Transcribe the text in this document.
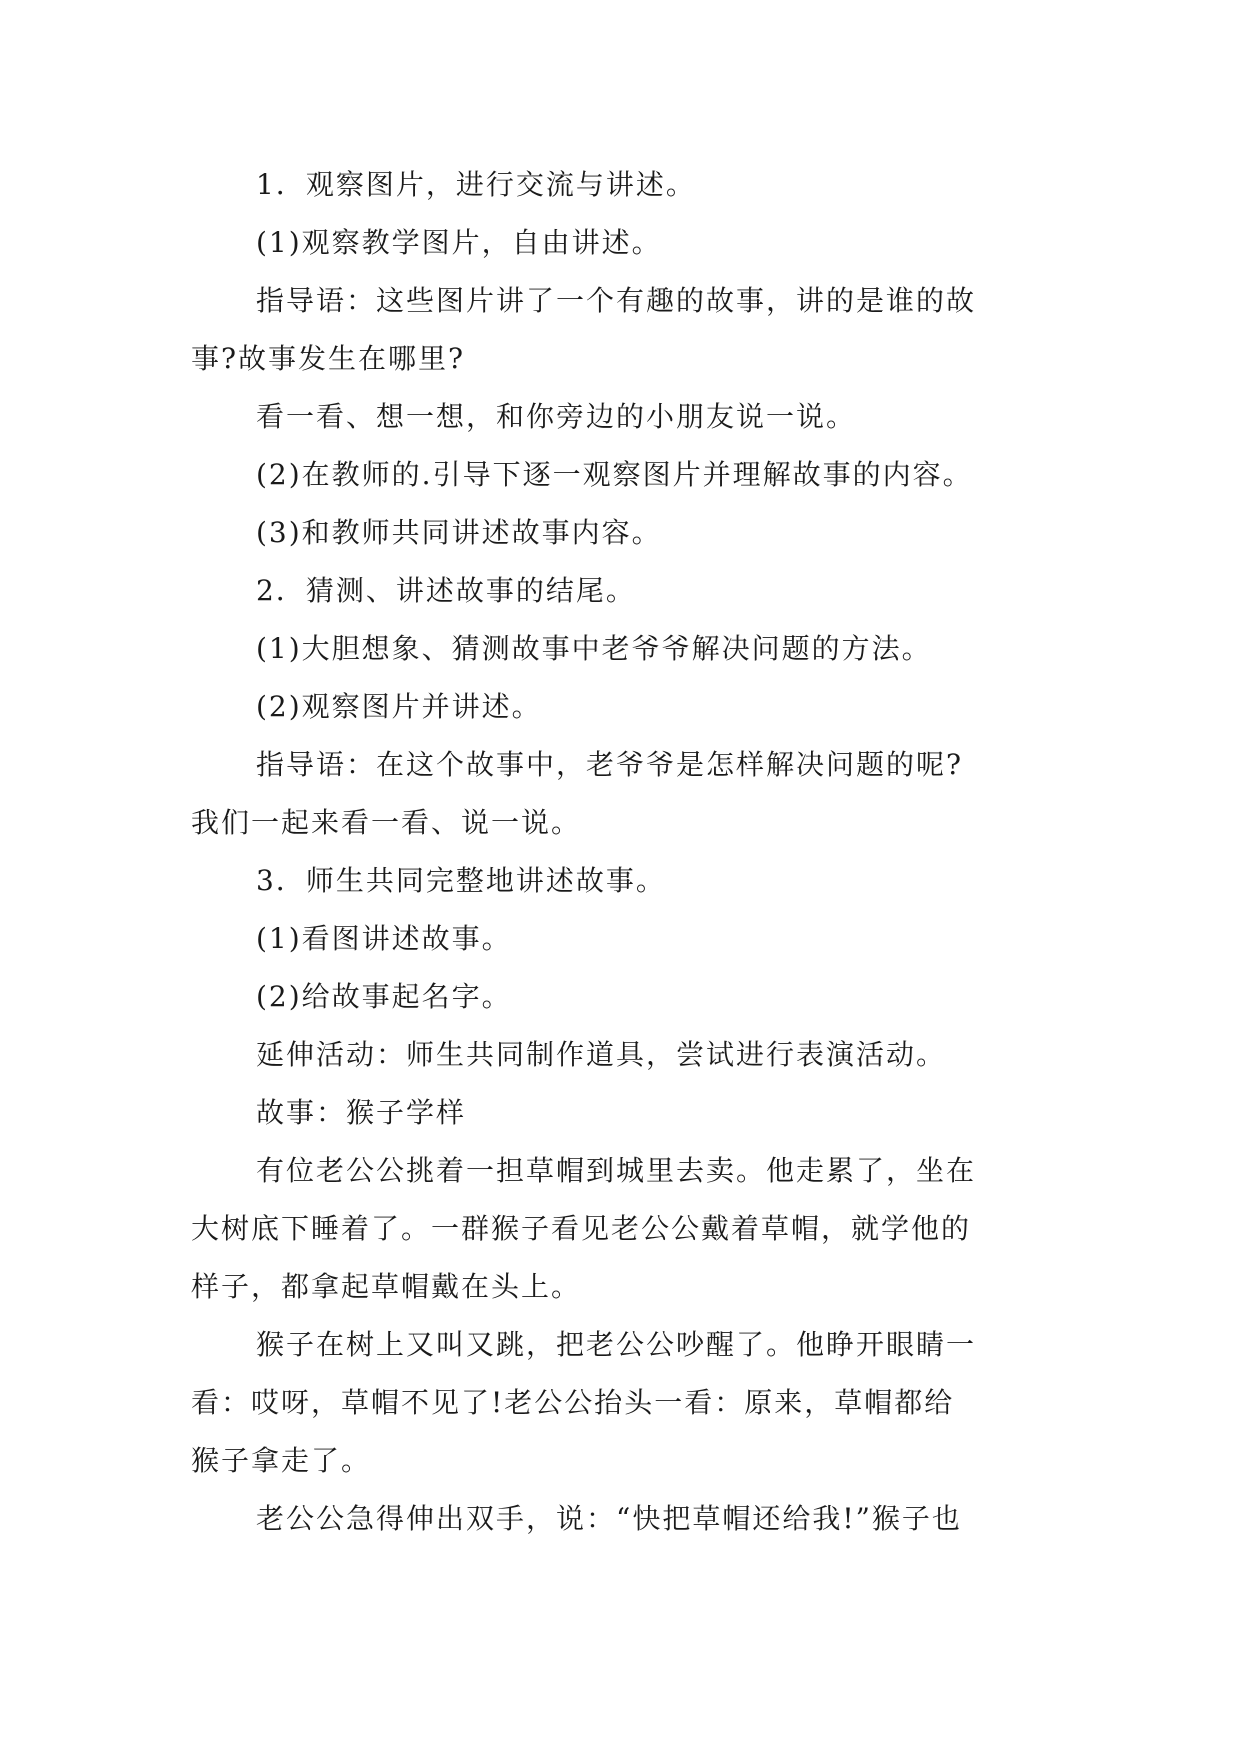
1．观察图片，进行交流与讲述。
(1)观察教学图片，自由讲述。
指导语：这些图片讲了一个有趣的故事，讲的是谁的故
事?故事发生在哪里?
看一看、想一想，和你旁边的小朋友说一说。
(2)在教师的.引导下逐一观察图片并理解故事的内容。
(3)和教师共同讲述故事内容。
2．猜测、讲述故事的结尾。
(1)大胆想象、猜测故事中老爷爷解决问题的方法。
(2)观察图片并讲述。
指导语：在这个故事中，老爷爷是怎样解决问题的呢?
我们一起来看一看、说一说。
3．师生共同完整地讲述故事。
(1)看图讲述故事。
(2)给故事起名字。
延伸活动：师生共同制作道具，尝试进行表演活动。
故事：猴子学样
有位老公公挑着一担草帽到城里去卖。他走累了，坐在
大树底下睡着了。一群猴子看见老公公戴着草帽，就学他的
样子，都拿起草帽戴在头上。
猴子在树上又叫又跳，把老公公吵醒了。他睁开眼睛一
看：哎呀，草帽不见了!老公公抬头一看：原来，草帽都给
猴子拿走了。
老公公急得伸出双手，说：“快把草帽还给我!”猴子也
